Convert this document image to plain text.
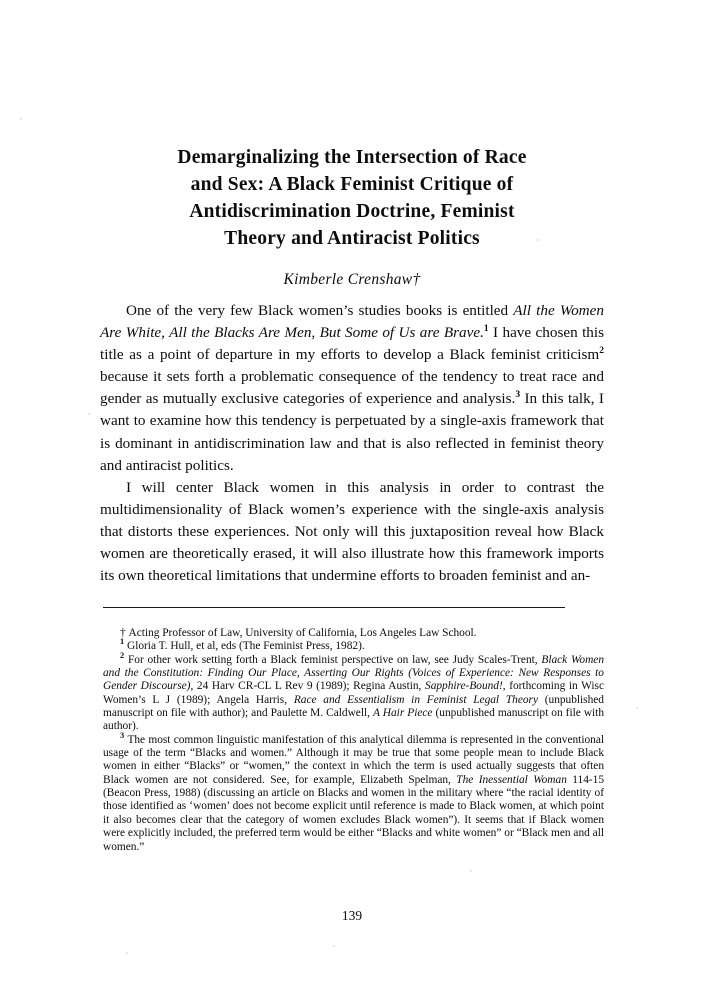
Demarginalizing the Intersection of Race
and Sex: A Black Feminist Critique of
Antidiscrimination Doctrine, Feminist
Theory and Antiracist Politics
Kimberle Crenshaw†

One of the very few Black women’s studies books is entitled All the Women Are White, All the Blacks Are Men, But Some of Us are Brave.$^1$ I have chosen this title as a point of departure in my efforts to develop a Black feminist criticism$^2$ because it sets forth a problematic consequence of the tendency to treat race and gender as mutually exclusive categories of experience and analysis.$^3$ In this talk, I want to examine how this tendency is perpetuated by a single-axis framework that is dominant in antidiscrimination law and that is also reflected in feminist theory and antiracist politics.

I will center Black women in this analysis in order to contrast the multidimensionality of Black women’s experience with the single-axis analysis that distorts these experiences. Not only will this juxtaposition reveal how Black women are theoretically erased, it will also illustrate how this framework imports its own theoretical limitations that undermine efforts to broaden feminist and an-

† Acting Professor of Law, University of California, Los Angeles Law School.

$^1$ Gloria T. Hull, et al, eds (The Feminist Press, 1982).

$^2$ For other work setting forth a Black feminist perspective on law, see Judy Scales-Trent, Black Women and the Constitution: Finding Our Place, Asserting Our Rights (Voices of Experience: New Responses to Gender Discourse), 24 Harv CR-CL L Rev 9 (1989); Regina Austin, Sapphire-Bound!, forthcoming in Wisc Women’s L J (1989); Angela Harris, Race and Essentialism in Feminist Legal Theory (unpublished manuscript on file with author); and Paulette M. Caldwell, A Hair Piece (unpublished manuscript on file with author).

$^3$ The most common linguistic manifestation of this analytical dilemma is represented in the conventional usage of the term “Blacks and women.” Although it may be true that some people mean to include Black women in either “Blacks” or “women,” the context in which the term is used actually suggests that often Black women are not considered. See, for example, Elizabeth Spelman, The Inessential Woman 114-15 (Beacon Press, 1988) (discussing an article on Blacks and women in the military where “the racial identity of those identified as ‘women’ does not become explicit until reference is made to Black women, at which point it also becomes clear that the category of women excludes Black women”). It seems that if Black women were explicitly included, the preferred term would be either “Blacks and white women” or “Black men and all women.”

139
